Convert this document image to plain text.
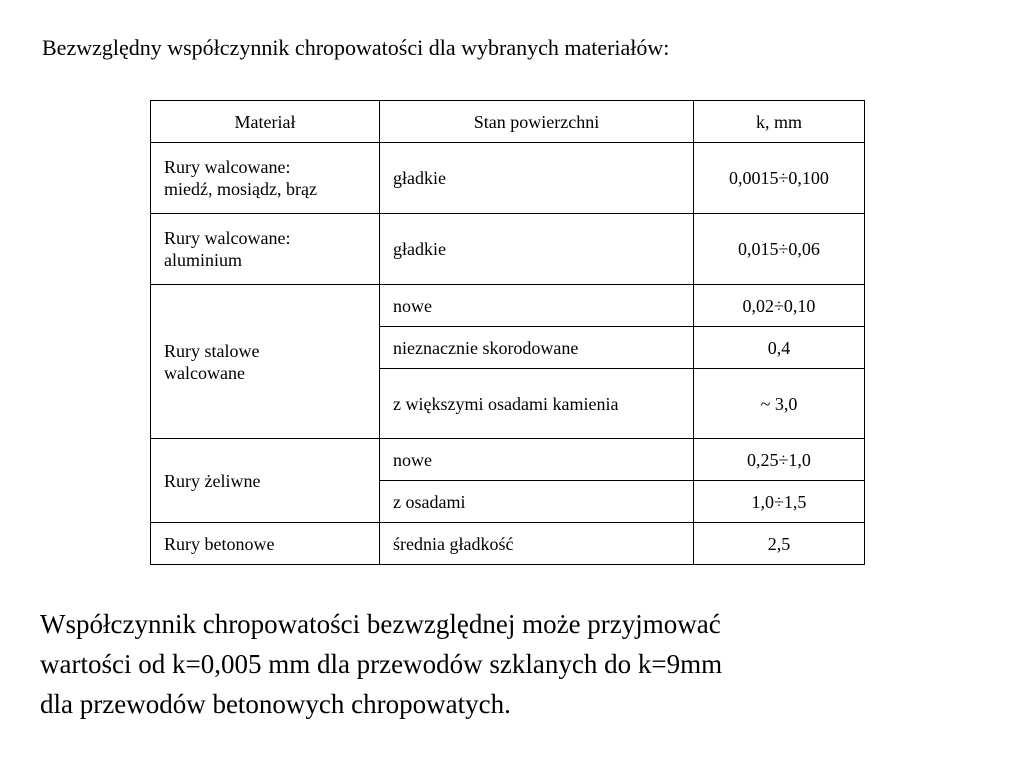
Bezwzględny współczynnik chropowatości dla wybranych materiałów:
Materiał	Stan powierzchni	k, mm

Rury walcowane:
miedź, mosiądz, brąz	gładkie	0,0015÷0,100

Rury walcowane:
aluminium	gładkie	0,015÷0,06

Rury stalowe
walcowane	nowe	0,02÷0,10
	nieznacznie skorodowane	0,4
	z większymi osadami kamienia	~ 3,0

Rury żeliwne	nowe	0,25÷1,0
	z osadami	1,0÷1,5

Rury betonowe	średnia gładkość	2,5
Współczynnik chropowatości bezwzględnej może przyjmować
wartości od k=0,005 mm dla przewodów szklanych do k=9mm
dla przewodów betonowych chropowatych.
